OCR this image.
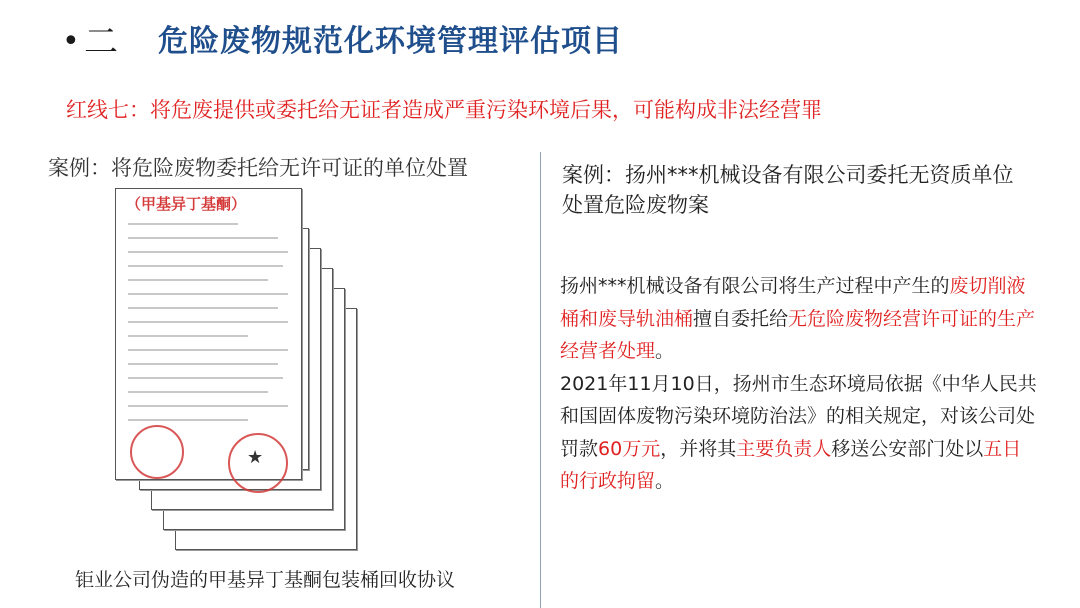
• 二 危险废物规范化环境管理评估项目
红线七：将危废提供或委托给无证者造成严重污染环境后果，可能构成非法经营罪
案例：将危险废物委托给无许可证的单位处置
（甲基异丁基酮）
★
钜业公司伪造的甲基异丁基酮包装桶回收协议
案例：扬州***机械设备有限公司委托无资质单位处置危险废物案
扬州***机械设备有限公司将生产过程中产生的废切削液桶和废导轨油桶擅自委托给无危险废物经营许可证的生产经营者处理。
2021年11月10日，扬州市生态环境局依据《中华人民共和国固体废物污染环境防治法》的相关规定，对该公司处罚款60万元，并将其主要负责人移送公安部门处以五日的行政拘留。
